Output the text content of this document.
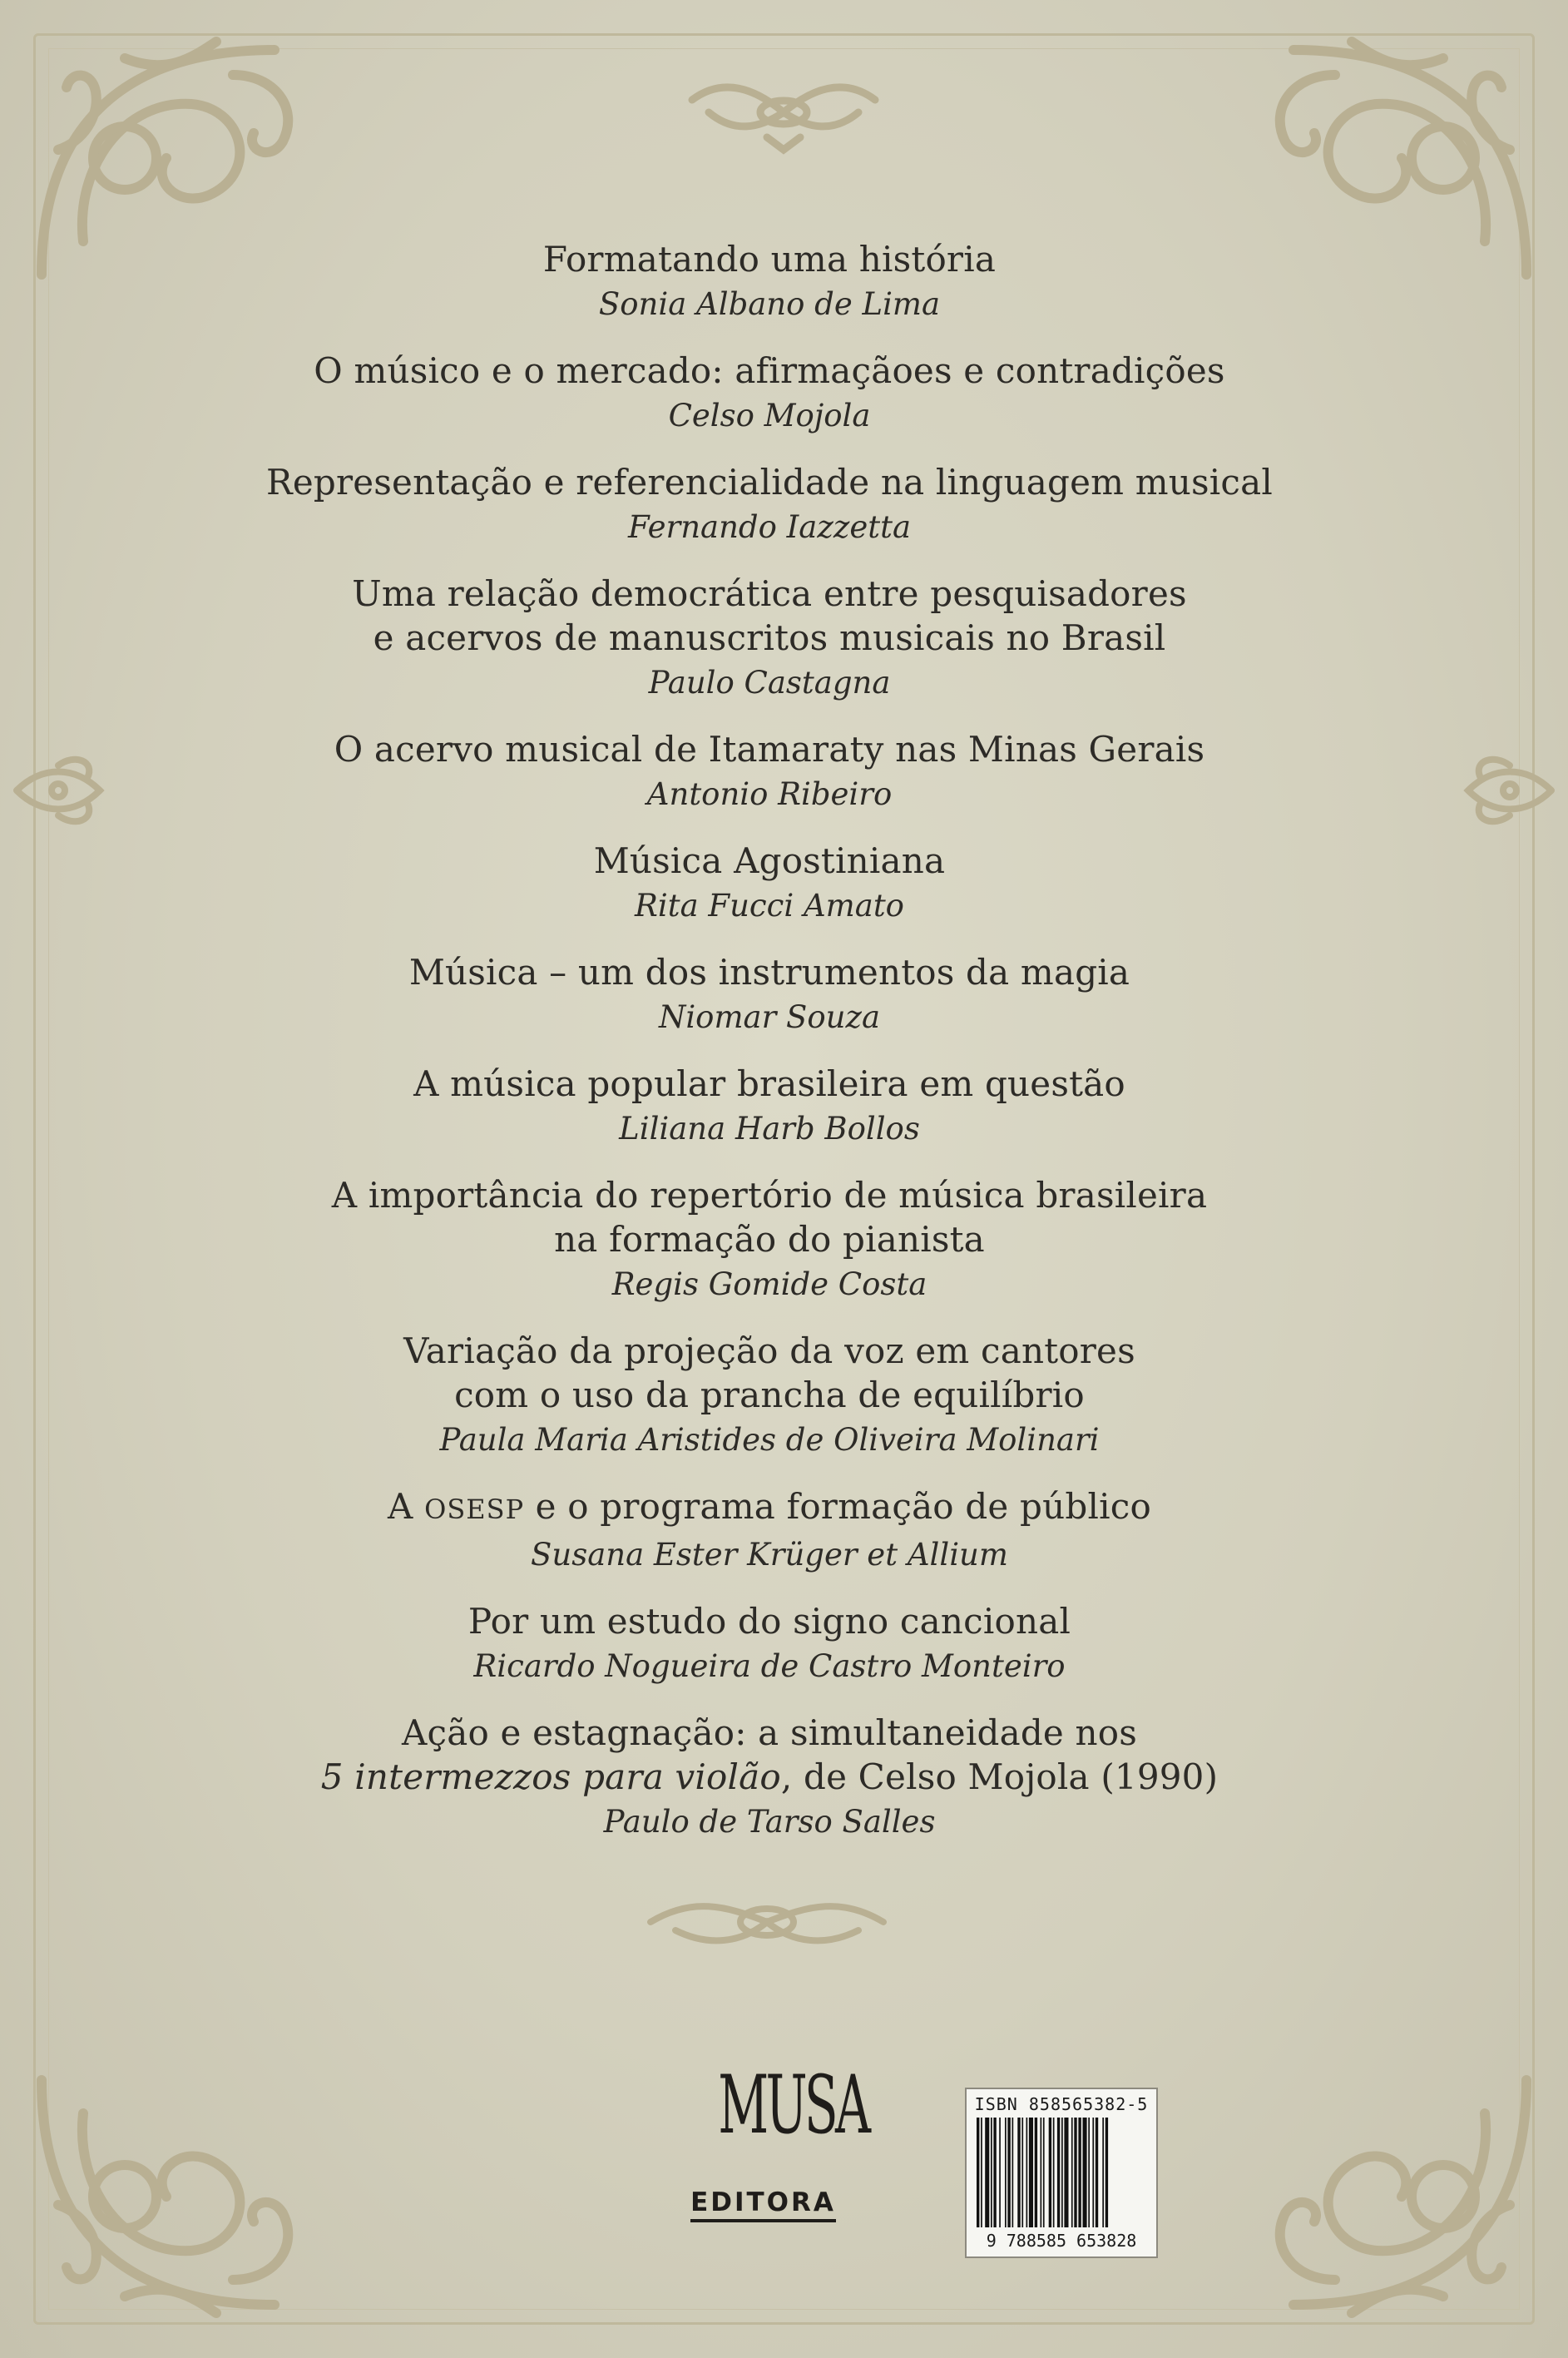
Formatando uma história
Sonia Albano de Lima
O músico e o mercado: afirmaçãoes e contradições
Celso Mojola
Representação e referencialidade na linguagem musical
Fernando Iazzetta
Uma relação democrática entre pesquisadores
e acervos de manuscritos musicais no Brasil
Paulo Castagna
O acervo musical de Itamaraty nas Minas Gerais
Antonio Ribeiro
Música Agostiniana
Rita Fucci Amato
Música – um dos instrumentos da magia
Niomar Souza
A música popular brasileira em questão
Liliana Harb Bollos
A importância do repertório de música brasileira
na formação do pianista
Regis Gomide Costa
Variação da projeção da voz em cantores
com o uso da prancha de equilíbrio
Paula Maria Aristides de Oliveira Molinari
A OSESP e o programa formação de público
Susana Ester Krüger et Allium
Por um estudo do signo cancional
Ricardo Nogueira de Castro Monteiro
Ação e estagnação: a simultaneidade nos
5 intermezzos para violão, de Celso Mojola (1990)
Paulo de Tarso Salles
MUSA
EDITORA
ISBN 858565382-5
9 788585 653828
